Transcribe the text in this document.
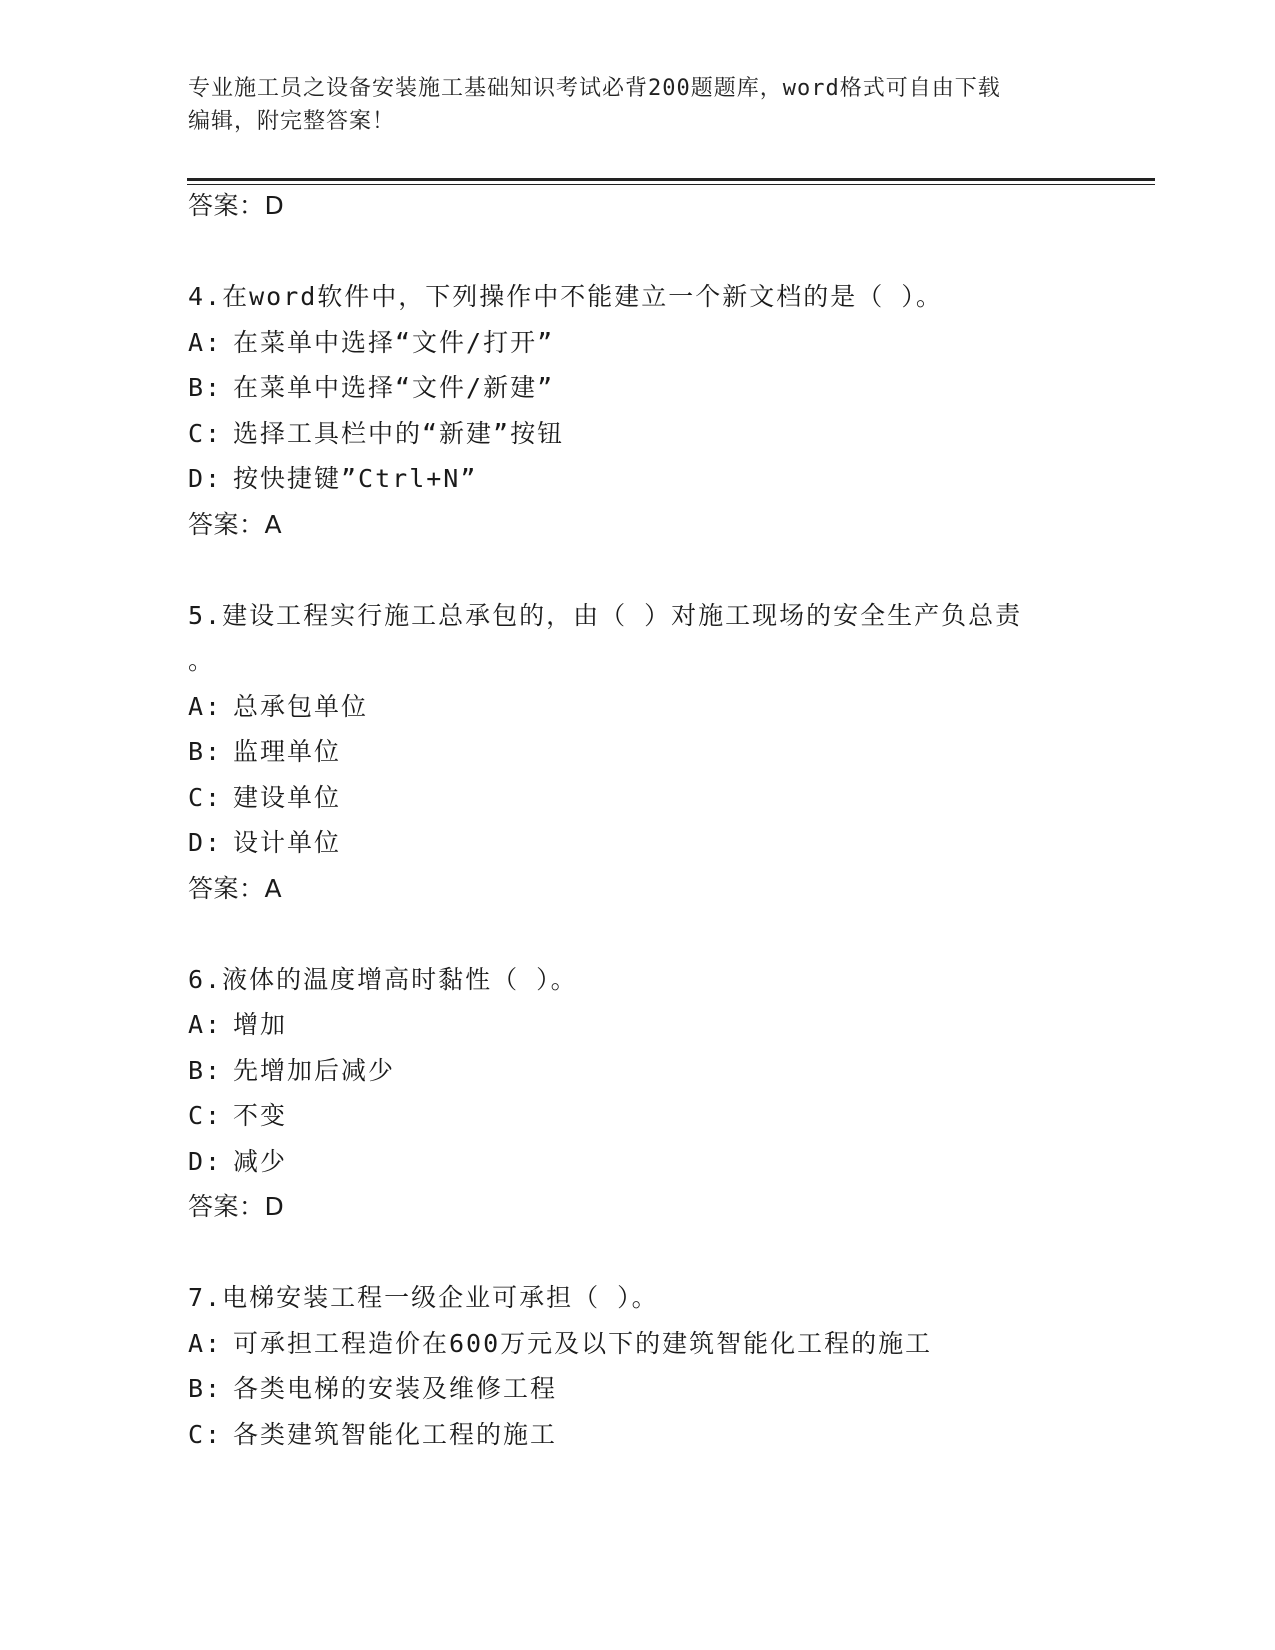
专业施工员之设备安装施工基础知识考试必背200题题库，word格式可自由下载
编辑，附完整答案！
答案：D
4.在word软件中，下列操作中不能建立一个新文档的是（ ）。
A: 在菜单中选择“文件/打开”
B: 在菜单中选择“文件/新建”
C: 选择工具栏中的“新建”按钮
D: 按快捷键”Ctrl+N”
答案：A
5.建设工程实行施工总承包的，由（ ）对施工现场的安全生产负总责
。
A: 总承包单位
B: 监理单位
C: 建设单位
D: 设计单位
答案：A
6.液体的温度增高时黏性（ ）。
A: 增加
B: 先增加后减少
C: 不变
D: 减少
答案：D
7.电梯安装工程一级企业可承担（ ）。
A: 可承担工程造价在600万元及以下的建筑智能化工程的施工
B: 各类电梯的安装及维修工程
C: 各类建筑智能化工程的施工
